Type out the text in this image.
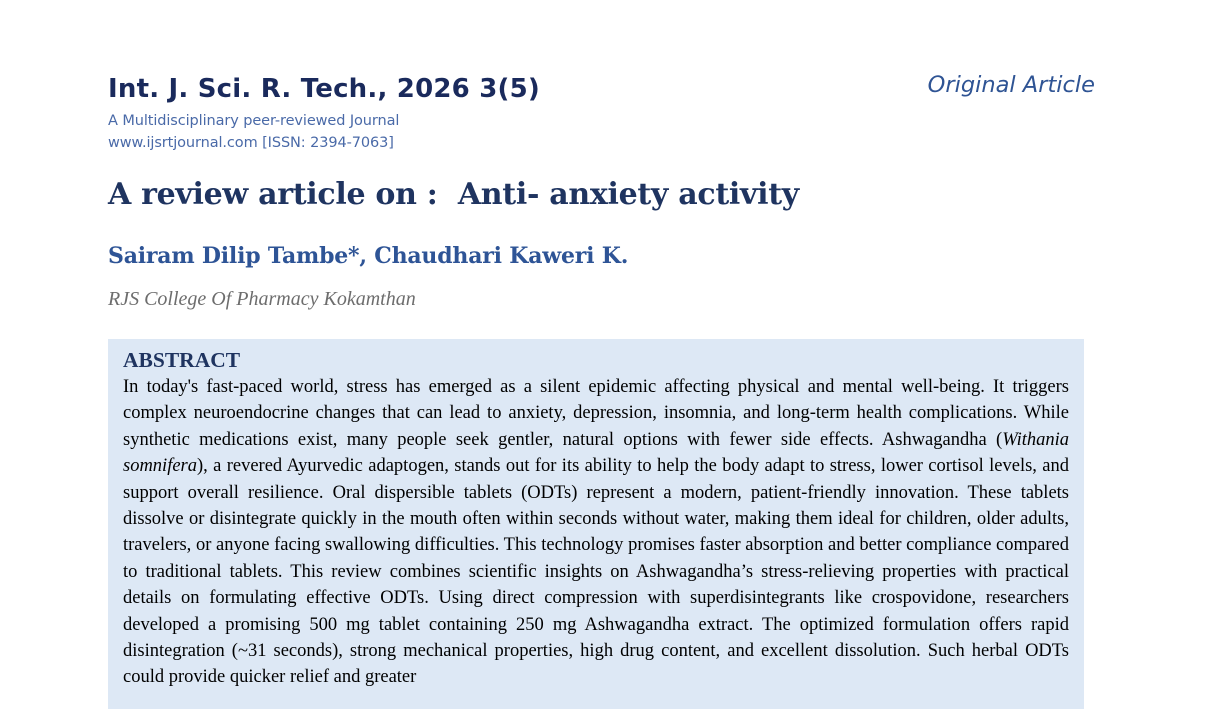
Int. J. Sci. R. Tech., 2026 3(5)
A Multidisciplinary peer-reviewed Journal
www.ijsrtjournal.com [ISSN: 2394-7063]
Original Article
A review article on :  Anti- anxiety activity
Sairam Dilip Tambe*, Chaudhari Kaweri K.
RJS College Of Pharmacy Kokamthan
ABSTRACT

In today's fast-paced world, stress has emerged as a silent epidemic affecting physical and mental well-being. It triggers complex neuroendocrine changes that can lead to anxiety, depression, insomnia, and long-term health complications. While synthetic medications exist, many people seek gentler, natural options with fewer side effects. Ashwagandha (Withania somnifera), a revered Ayurvedic adaptogen, stands out for its ability to help the body adapt to stress, lower cortisol levels, and support overall resilience. Oral dispersible tablets (ODTs) represent a modern, patient-friendly innovation. These tablets dissolve or disintegrate quickly in the mouth often within seconds without water, making them ideal for children, older adults, travelers, or anyone facing swallowing difficulties. This technology promises faster absorption and better compliance compared to traditional tablets. This review combines scientific insights on Ashwagandha’s stress-relieving properties with practical details on formulating effective ODTs. Using direct compression with superdisintegrants like crospovidone, researchers developed a promising 500 mg tablet containing 250 mg Ashwagandha extract. The optimized formulation offers rapid disintegration (~31 seconds), strong mechanical properties, high drug content, and excellent dissolution. Such herbal ODTs could provide quicker relief and greater
